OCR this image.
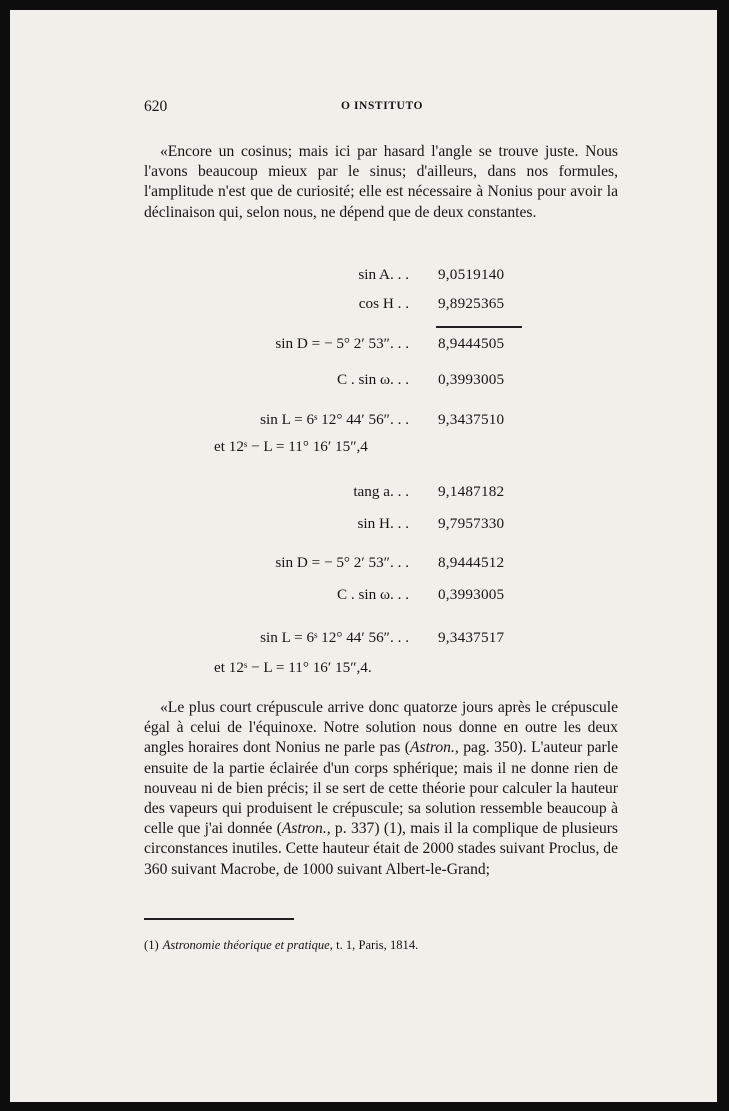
620	O INSTITUTO

«Encore un cosinus; mais ici par hasard l'angle se trouve juste. Nous l'avons beaucoup mieux par le sinus; d'ailleurs, dans nos formules, l'amplitude n'est que de curiosité; elle est nécessaire à Nonius pour avoir la déclinaison qui, selon nous, ne dépend que de deux constantes.

sin A. . . 9,0519140
cos H . . 9,8925365
sin D = − 5° 2′ 53″. . . 8,9444505
C . sin ω. . . 0,3993005
sin L = 6ˢ 12° 44′ 56″. . . 9,3437510
et 12ˢ − L = 11° 16′ 15″,4
tang a. . . 9,1487182
sin H. . . 9,7957330
sin D = − 5° 2′ 53″. . . 8,9444512
C . sin ω. . . 0,3993005
sin L = 6ˢ 12° 44′ 56″. . . 9,3437517
et 12ˢ − L = 11° 16′ 15″,4.

«Le plus court crépuscule arrive donc quatorze jours après le crépuscule égal à celui de l'équinoxe. Notre solution nous donne en outre les deux angles horaires dont Nonius ne parle pas (Astron., pag. 350). L'auteur parle ensuite de la partie éclairée d'un corps sphérique; mais il ne donne rien de nouveau ni de bien précis; il se sert de cette théorie pour calculer la hauteur des vapeurs qui produisent le crépuscule; sa solution ressemble beaucoup à celle que j'ai donnée (Astron., p. 337) (1), mais il la complique de plusieurs circonstances inutiles. Cette hauteur était de 2000 stades suivant Proclus, de 360 suivant Macrobe, de 1000 suivant Albert-le-Grand;

(1) Astronomie théorique et pratique, t. 1, Paris, 1814.
